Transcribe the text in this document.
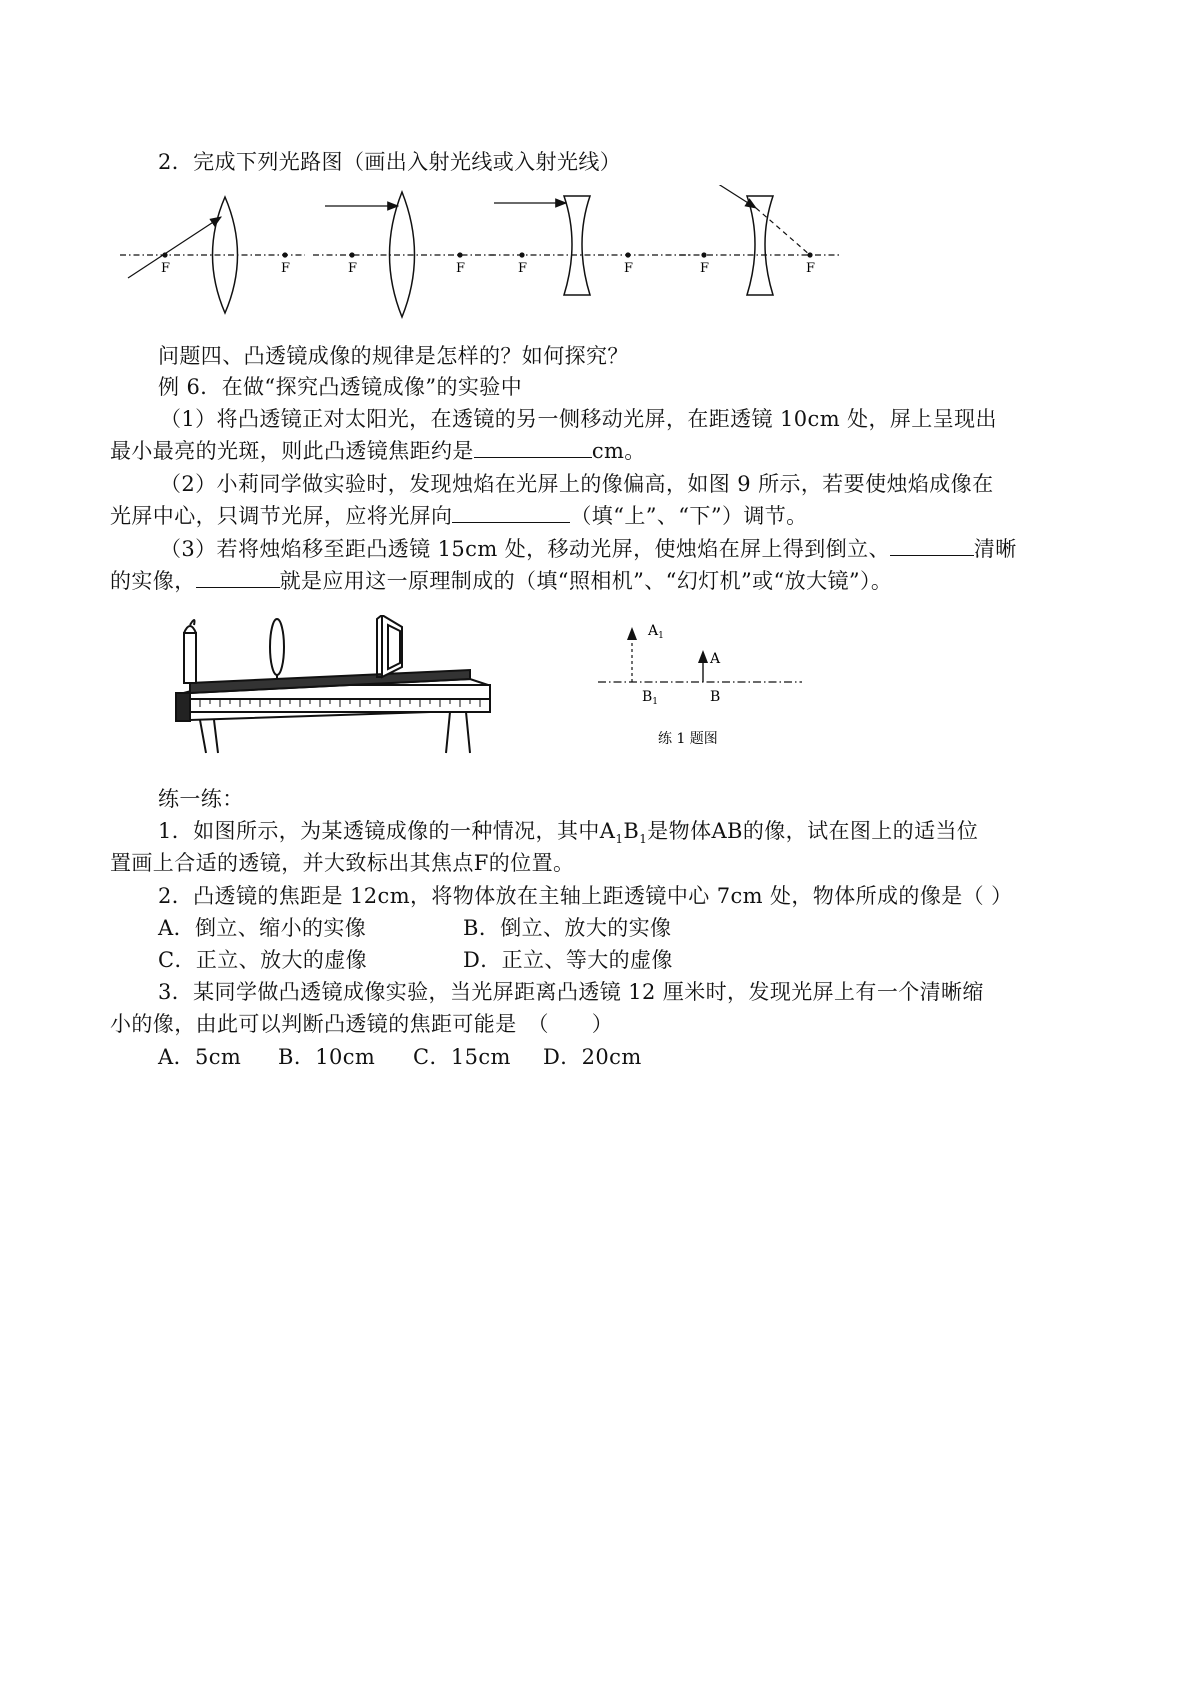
2．完成下列光路图（画出入射光线或入射光线）
F	F	F	F	F	F	F	F
问题四、凸透镜成像的规律是怎样的？如何探究？
例 6．在做“探究凸透镜成像”的实验中
（1）将凸透镜正对太阳光，在透镜的另一侧移动光屏，在距透镜 10cm 处，屏上呈现出
最小最亮的光斑，则此凸透镜焦距约是	cm。
（2）小莉同学做实验时，发现烛焰在光屏上的像偏高，如图 9 所示，若要使烛焰成像在
光屏中心，只调节光屏，应将光屏向	（填“上”、“下”）调节。
（3）若将烛焰移至距凸透镜 15cm 处，移动光屏，使烛焰在屏上得到倒立、	清晰
的实像，	就是应用这一原理制成的（填“照相机”、“幻灯机”或“放大镜”）。
$A_1$
A
$B_1$	B
练 1 题图
练一练：
1．如图所示，为某透镜成像的一种情况，其中$A_1B_1$是物体AB的像，试在图上的适当位
置画上合适的透镜，并大致标出其焦点F的位置。
2．凸透镜的焦距是 12cm，将物体放在主轴上距透镜中心 7cm 处，物体所成的像是（ ）
A．倒立、缩小的实像	B．倒立、放大的实像
C．正立、放大的虚像	D．正立、等大的虚像
3．某同学做凸透镜成像实验，当光屏距离凸透镜 12 厘米时，发现光屏上有一个清晰缩
小的像，由此可以判断凸透镜的焦距可能是　（　　）
A．5cm B．10cm C．15cm D．20cm
